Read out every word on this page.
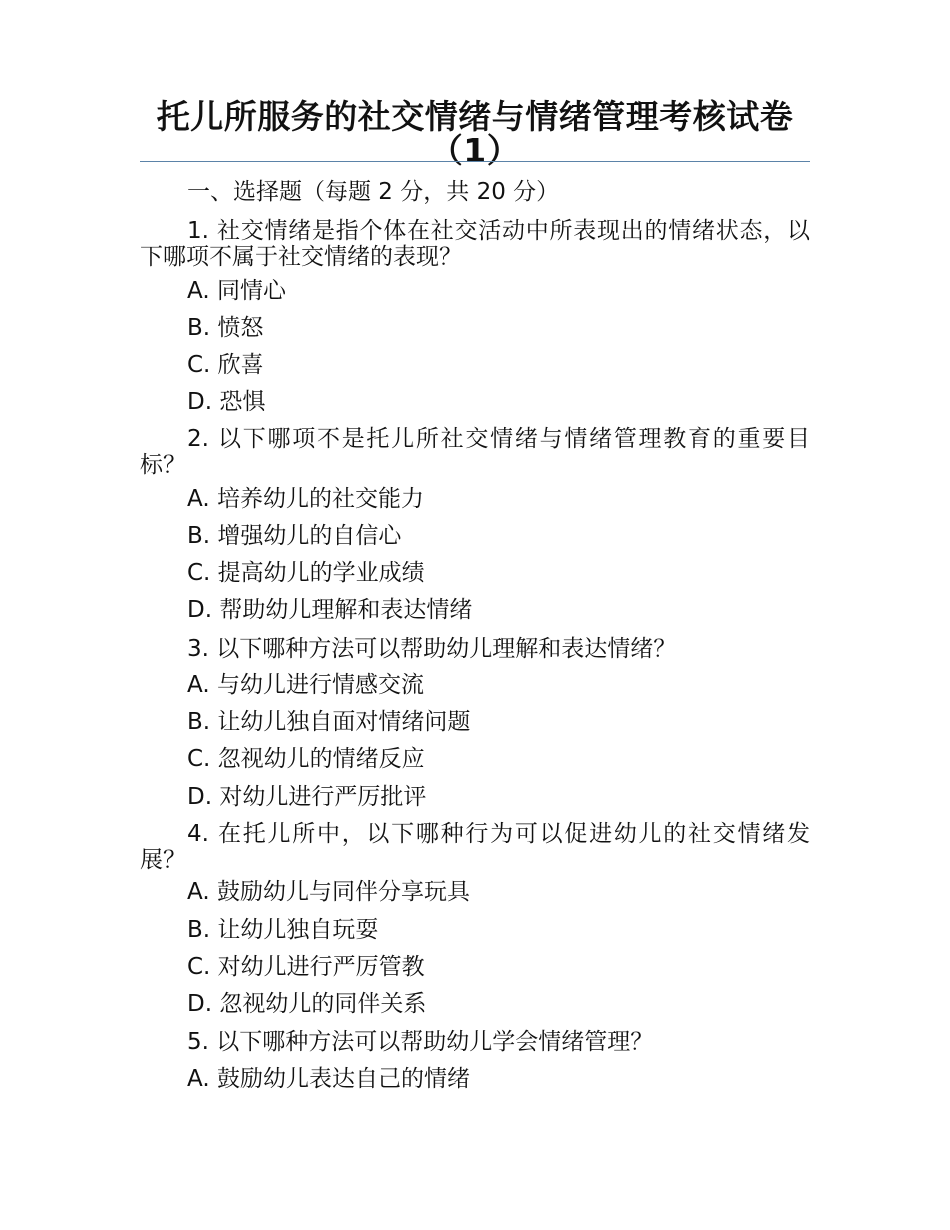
托儿所服务的社交情绪与情绪管理考核试卷（1）
一、选择题（每题 2 分，共 20 分）
1. 社交情绪是指个体在社交活动中所表现出的情绪状态，以下哪项不属于社交情绪的表现？
A. 同情心
B. 愤怒
C. 欣喜
D. 恐惧
2. 以下哪项不是托儿所社交情绪与情绪管理教育的重要目标？
A. 培养幼儿的社交能力
B. 增强幼儿的自信心
C. 提高幼儿的学业成绩
D. 帮助幼儿理解和表达情绪
3. 以下哪种方法可以帮助幼儿理解和表达情绪？
A. 与幼儿进行情感交流
B. 让幼儿独自面对情绪问题
C. 忽视幼儿的情绪反应
D. 对幼儿进行严厉批评
4. 在托儿所中，以下哪种行为可以促进幼儿的社交情绪发展？
A. 鼓励幼儿与同伴分享玩具
B. 让幼儿独自玩耍
C. 对幼儿进行严厉管教
D. 忽视幼儿的同伴关系
5. 以下哪种方法可以帮助幼儿学会情绪管理？
A. 鼓励幼儿表达自己的情绪
